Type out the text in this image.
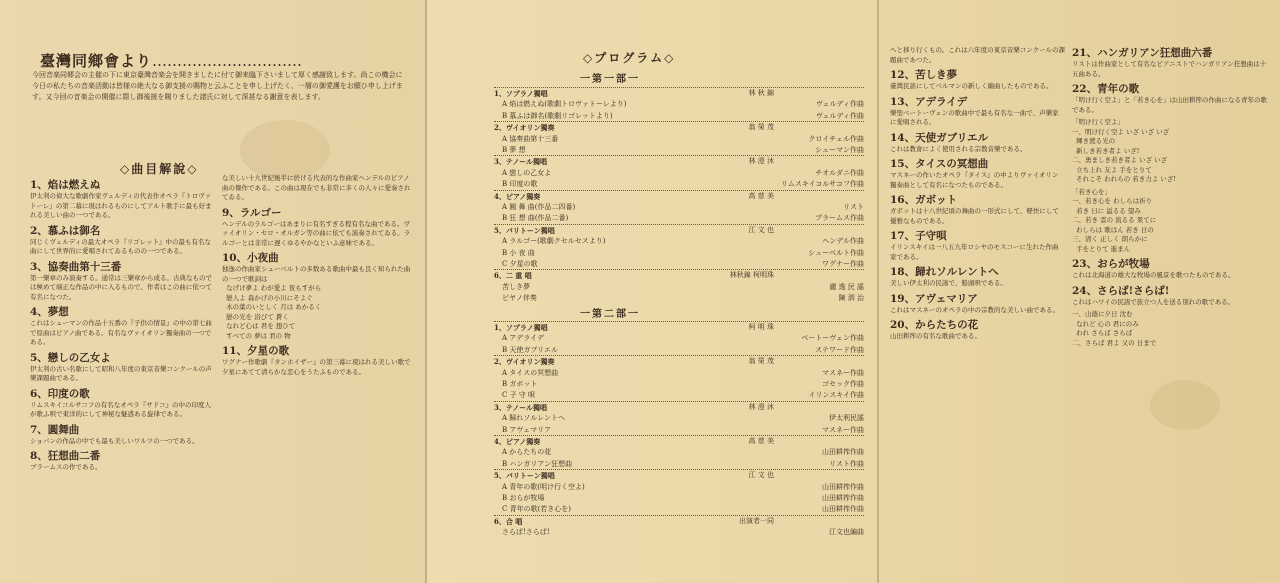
臺灣同鄉會より…………………………
今回音楽同郷会の主催の下に東京臺灣音楽会を開きましたに付て御来臨下さいまして厚く感謝致します。尚この機会に今日の私たちの音楽活動は皆様の絶大なる御支援の賜物と云ふことを申し上げたく、一層の御愛護をお願ひ申し上げます。又今回の音楽会の開催に際し御後援を賜りました諸氏に対して深甚なる謝意を表します。
◇曲目解說◇
1、焰は燃えぬ
伊太利の偉大な歌劇作家ヴェルディの代表作オペラ『トロヴァトーレ』の第二幕に現はれるものにしてアルト歌手に最も好まれる美しい曲の一つである。
2、慕ふは御名
同じくヴェルディの最大オペラ『リゴレット』中の最も有名な曲にして世界的に愛唱されてゐるものの一つである。
3、協奏曲第十三番
第一樂章のみ演奏する。通常は三樂章から成る。古典なものでは極めて端正な作品の中に入るもので、作者はこの曲に依つて有名になつた。
4、夢想
これはシューマンの作品十五番の『子供の情景』の中の第七曲で原曲はピアノ曲である。有名なヴァイオリン獨奏曲の一つである。
5、戀しの乙女よ
伊太利の古い名歌にして昭和八年度の東京音樂コンクールの声樂課題曲である。
6、印度の歌
リムスキイコルサコフの有名なオペラ『サドコ』の中の印度人が歌ふ唄で東洋的にして神秘な魅惑ある旋律である。
7、圓舞曲
ショパンの作品の中でも最も美しいワルツの一つである。
8、狂想曲二番
ブラームスの作である。
な美しい十九世紀後半に於ける代表的な作曲家ヘンデルのピアノ曲の傑作である。この曲は現在でも非常に多くの人々に愛奏されてゐる。
9、ラルゴー
ヘンデルのラルゴーはあまりに有名すぎる程有名な曲である。ヴァイオリン・セロ・オルガン等の曲に依ても演奏されてゐる。ラルゴーとは非常に遅くゆるやかなといふ意味である。
10、小夜曲
独逸の作曲家シューベルトの多数ある歌曲中最も良く知られた曲の一つで歌詞は
なげけ夢よ わが愛よ 夜もすがら
戀人よ 森かげの小川にそよぐ
木の葉のいとしく 月は あかるく
戀の光を 浴びて 蒼く
なれど心は 君を 想ひて
すべての 夢は 君の 物
11、夕星の歌
ワグナー作歌劇『タンホイザー』の第三幕に現はれる美しい歌で夕星にあてて清らかな恋心をうたふものである。
◇プログラム◇
一第一部一
一第二部一
1、ソプラノ獨唱	林 秋 錦
A 焰は燃えぬ(歌劇トロヴァトーレより)	ヴェルディ作曲
B 慕ふは御名(歌劇リゴレットより)	ヴェルディ作曲
2、ヴイオリン獨奏	翁 榮 茂
A 協奏曲第十三番	クロイチェル作曲
B 夢 想	シューマン作曲
3、テノール獨唱	林 澄 沐
A 戀しの乙女よ	チオルダニ作曲
B 印度の歌	リムスキイコルサコフ作曲
4、ピアノ獨奏	高 慈 美
A 圓 舞 曲(作品二四番)	リスト
B 狂 想 曲(作品二番)	ブラームス作曲
5、バリトーン獨唱	江 文 也
A ラルゴー(歌劇クセルセスより)	ヘンデル作曲
B 小 夜 曲	シューベルト作曲
C 夕星の歌	ワグナー作曲
6、二 重 唱	林秋錦 柯明珠
苦しき夢	瀧 逸 民 謠
ピヤノ伴奏	陳 泗 治
1、ソプラノ獨唱	柯 明 珠
A アデライデ	ベートーヴェン作曲
B 天使ガブリエル	ステワード作曲
2、ヴイオリン獨奏	翁 榮 茂
A タイスの冥想曲	マスネー作曲
B ガボット	ゴセック作曲
C 子 守 唄	イリンスキイ作曲
3、テノール獨唱	林 澄 沐
A 歸れソルレントへ	伊太利民謠
B アヴェマリア	マスネー作曲
4、ピアノ獨奏	高 慈 美
A からたちの花	山田耕筰作曲
B ハンガリアン狂想曲	リスト作曲
5、バリトーン獨唱	江 文 也
A 青年の歌(明け行く空よ)	山田耕筰作曲
B おらが牧場	山田耕筰作曲
C 青年の歌(若き心を)	山田耕筰作曲
6、合 唱	出演者一同
さらば!さらば!	江文也編曲
へと移り行くもの。これは六年度の東京音樂コンクールの課題曲であつた。
12、苦しき夢
臺灣民謠にしてベルマンの新しく編曲したものである。
13、アデライデ
樂聖ベートーヴェンの歌曲中で最も有名な一曲で、声樂家に愛唱される。
14、天使ガブリエル
これは教會によく使用される宗教音樂である。
15、タイスの冥想曲
マスネーの作いたオペラ『タイス』の中よりヴァイオリン獨奏曲として有名になつたものである。
16、ガボット
ガボットは十八世紀頃の舞曲の一形式にして、軽快にして優雅なものである。
17、子守唄
イリンスキイは一八五九年ロシヤのモスコーに生れた作曲家である。
18、歸れソルレントへ
美しい伊太利の民謠で、船頭唄である。
19、アヴェマリア
これはマスネーのオペラの中の宗教的な美しい曲である。
20、からたちの花
山田耕筰の有名な歌曲である。
21、ハンガリアン狂想曲六番
リストは作曲家として有名なピアニストでハンガリアン狂想曲は十五曲ある。
22、青年の歌
「明け行く空よ」と「若き心を」は山田耕筰の作曲になる青年の歌である。
「明け行く空よ」
一、明け行く空よ いざ いざ いざ
輝き渡る光の
新しき若き者よ いざ!
二、勇ましき若き者よ いざ いざ
立ち上れ 友よ 手をとりて
それこそ われらの 若き力よ いざ!
「若き心を」
一、若き心を わしらは祈り
若き 日に 溢るる 望み
二、若き 雲の 流るる 果てに
わしらは 歌はん 若き 日の
三、清く 正しく 朗らかに
手をとりて 進まん
23、おらが牧場
これは北海道の雄大な牧場の風景を歌つたものである。
24、さらば!さらば!
これはハワイの民謠で旅立つ人を送る別れの歌である。
一、山蔭に夕日 沈む
なれど 心の 君にのみ
われ さらば さらば
二、さらば 君よ 又の 日まで
